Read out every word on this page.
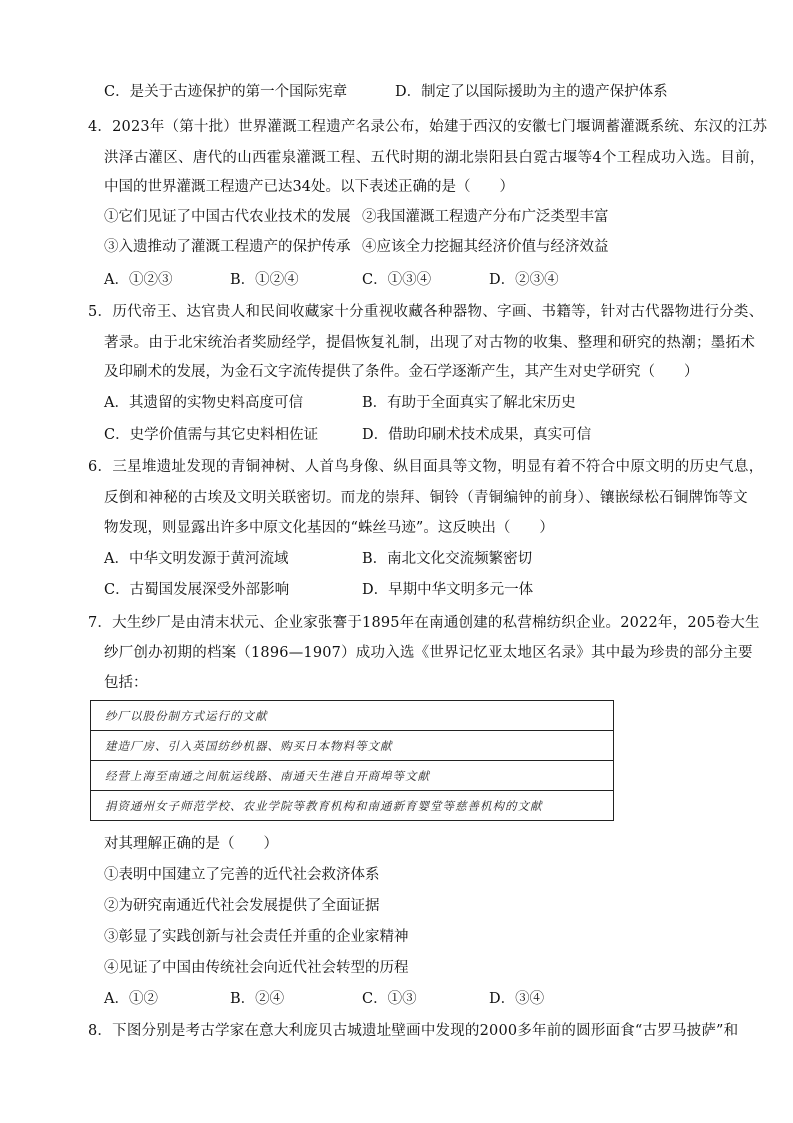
C．是关于古迹保护的第一个国际宪章	D．制定了以国际援助为主的遗产保护体系
4．2023年（第十批）世界灌溉工程遗产名录公布，始建于西汉的安徽七门堰调蓄灌溉系统、东汉的江苏
洪泽古灌区、唐代的山西霍泉灌溉工程、五代时期的湖北崇阳县白霓古堰等4个工程成功入选。目前，
中国的世界灌溉工程遗产已达34处。以下表述正确的是（　　）
①它们见证了中国古代农业技术的发展 ②我国灌溉工程遗产分布广泛类型丰富
③入遗推动了灌溉工程遗产的保护传承 ④应该全力挖掘其经济价值与经济效益
A．①②③	B．①②④	C．①③④	D．②③④
5．历代帝王、达官贵人和民间收藏家十分重视收藏各种器物、字画、书籍等，针对古代器物进行分类、
著录。由于北宋统治者奖励经学，提倡恢复礼制，出现了对古物的收集、整理和研究的热潮；墨拓术
及印刷术的发展，为金石文字流传提供了条件。金石学逐渐产生，其产生对史学研究（　　）
A．其遗留的实物史料高度可信	B．有助于全面真实了解北宋历史
C．史学价值需与其它史料相佐证	D．借助印刷术技术成果，真实可信
6．三星堆遗址发现的青铜神树、人首鸟身像、纵目面具等文物，明显有着不符合中原文明的历史气息，
反倒和神秘的古埃及文明关联密切。而龙的崇拜、铜铃（青铜编钟的前身）、镶嵌绿松石铜牌饰等文
物发现，则显露出许多中原文化基因的“蛛丝马迹”。这反映出（　　）
A．中华文明发源于黄河流域	B．南北文化交流频繁密切
C．古蜀国发展深受外部影响	D．早期中华文明多元一体
7．大生纱厂是由清末状元、企业家张謇于1895年在南通创建的私营棉纺织企业。2022年，205卷大生
纱厂创办初期的档案（1896—1907）成功入选《世界记忆亚太地区名录》其中最为珍贵的部分主要
包括：
纱厂以股份制方式运行的文献
建造厂房、引入英国纺纱机器、购买日本物料等文献
经营上海至南通之间航运线路、南通天生港自开商埠等文献
捐资通州女子师范学校、农业学院等教育机构和南通新育婴堂等慈善机构的文献
对其理解正确的是（　　）
①表明中国建立了完善的近代社会救济体系
②为研究南通近代社会发展提供了全面证据
③彰显了实践创新与社会责任并重的企业家精神
④见证了中国由传统社会向近代社会转型的历程
A．①②	B．②④	C．①③	D．③④
8．下图分别是考古学家在意大利庞贝古城遗址壁画中发现的2000多年前的圆形面食“古罗马披萨”和
